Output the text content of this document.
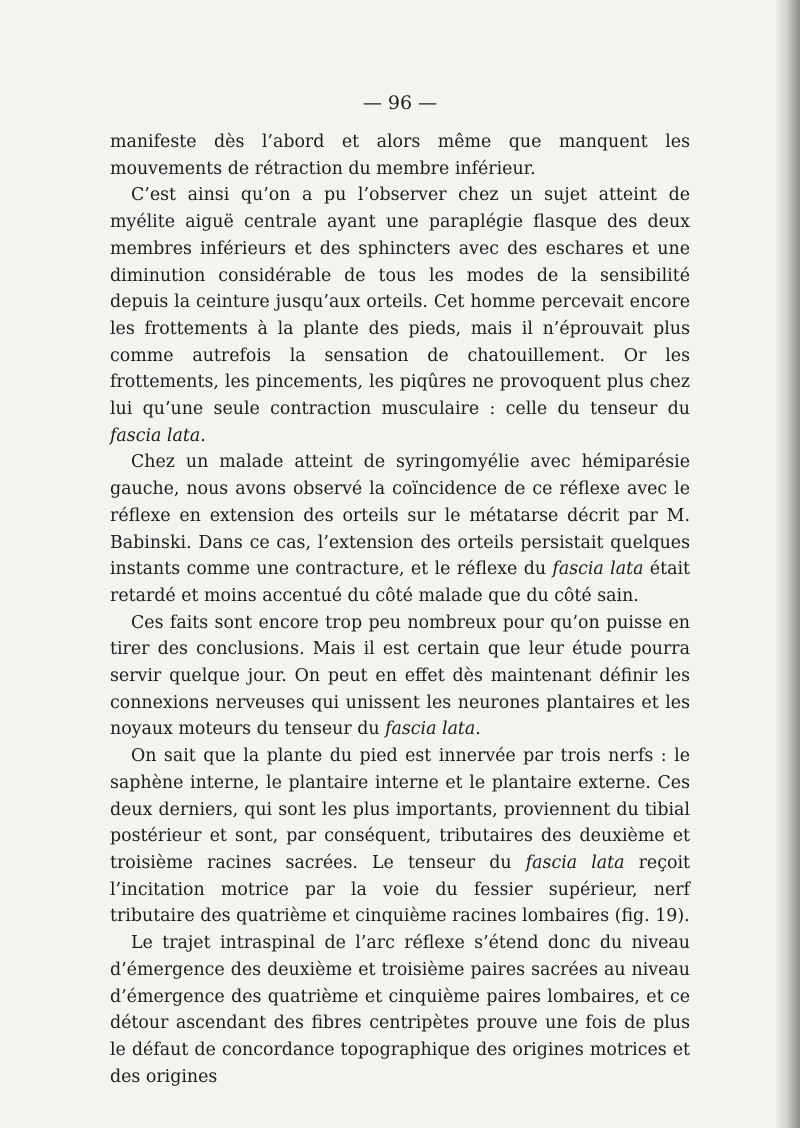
— 96 —

manifeste dès l’abord et alors même que manquent les mouvements de rétraction du membre inférieur.

C’est ainsi qu’on a pu l’observer chez un sujet atteint de myélite aiguë centrale ayant une paraplégie flasque des deux membres inférieurs et des sphincters avec des eschares et une diminution considérable de tous les modes de la sensibilité depuis la ceinture jusqu’aux orteils. Cet homme percevait encore les frottements à la plante des pieds, mais il n’éprouvait plus comme autrefois la sensation de chatouillement. Or les frottements, les pincements, les piqûres ne provoquent plus chez lui qu’une seule contraction musculaire : celle du tenseur du fascia lata.

Chez un malade atteint de syringomyélie avec hémiparésie gauche, nous avons observé la coïncidence de ce réflexe avec le réflexe en extension des orteils sur le métatarse décrit par M. Babinski. Dans ce cas, l’extension des orteils persistait quelques instants comme une contracture, et le réflexe du fascia lata était retardé et moins accentué du côté malade que du côté sain.

Ces faits sont encore trop peu nombreux pour qu’on puisse en tirer des conclusions. Mais il est certain que leur étude pourra servir quelque jour. On peut en effet dès maintenant définir les connexions nerveuses qui unissent les neurones plantaires et les noyaux moteurs du tenseur du fascia lata.

On sait que la plante du pied est innervée par trois nerfs : le saphène interne, le plantaire interne et le plantaire externe. Ces deux derniers, qui sont les plus importants, proviennent du tibial postérieur et sont, par conséquent, tributaires des deuxième et troisième racines sacrées. Le tenseur du fascia lata reçoit l’incitation motrice par la voie du fessier supérieur, nerf tributaire des quatrième et cinquième racines lombaires (fig. 19).

Le trajet intraspinal de l’arc réflexe s’étend donc du niveau d’émergence des deuxième et troisième paires sacrées au niveau d’émergence des quatrième et cinquième paires lombaires, et ce détour ascendant des fibres centripètes prouve une fois de plus le défaut de concordance topographique des origines motrices et des origines
